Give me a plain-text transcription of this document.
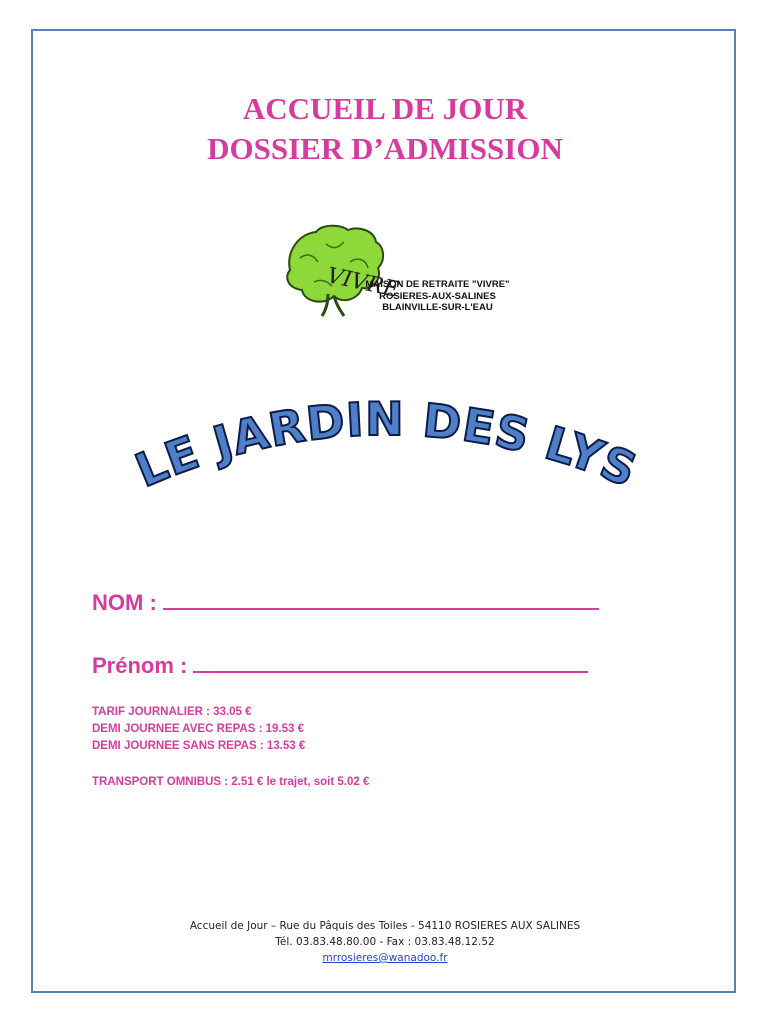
ACCUEIL DE JOUR
DOSSIER D’ADMISSION
VIVRE
MAISON DE RETRAITE "VIVRE"
ROSIERES-AUX-SALINES
BLAINVILLE-SUR-L'EAU
LE JARDIN DES LYS
NOM :
Prénom :
TARIF JOURNALIER : 33.05 €
DEMI JOURNEE AVEC REPAS : 19.53 €
DEMI JOURNEE SANS REPAS : 13.53 €
TRANSPORT OMNIBUS : 2.51 € le trajet, soit 5.02 €
Accueil de Jour – Rue du Pâquis des Toiles - 54110 ROSIERES AUX SALINES
Tél. 03.83.48.80.00 - Fax : 03.83.48.12.52
mrrosieres@wanadoo.fr
